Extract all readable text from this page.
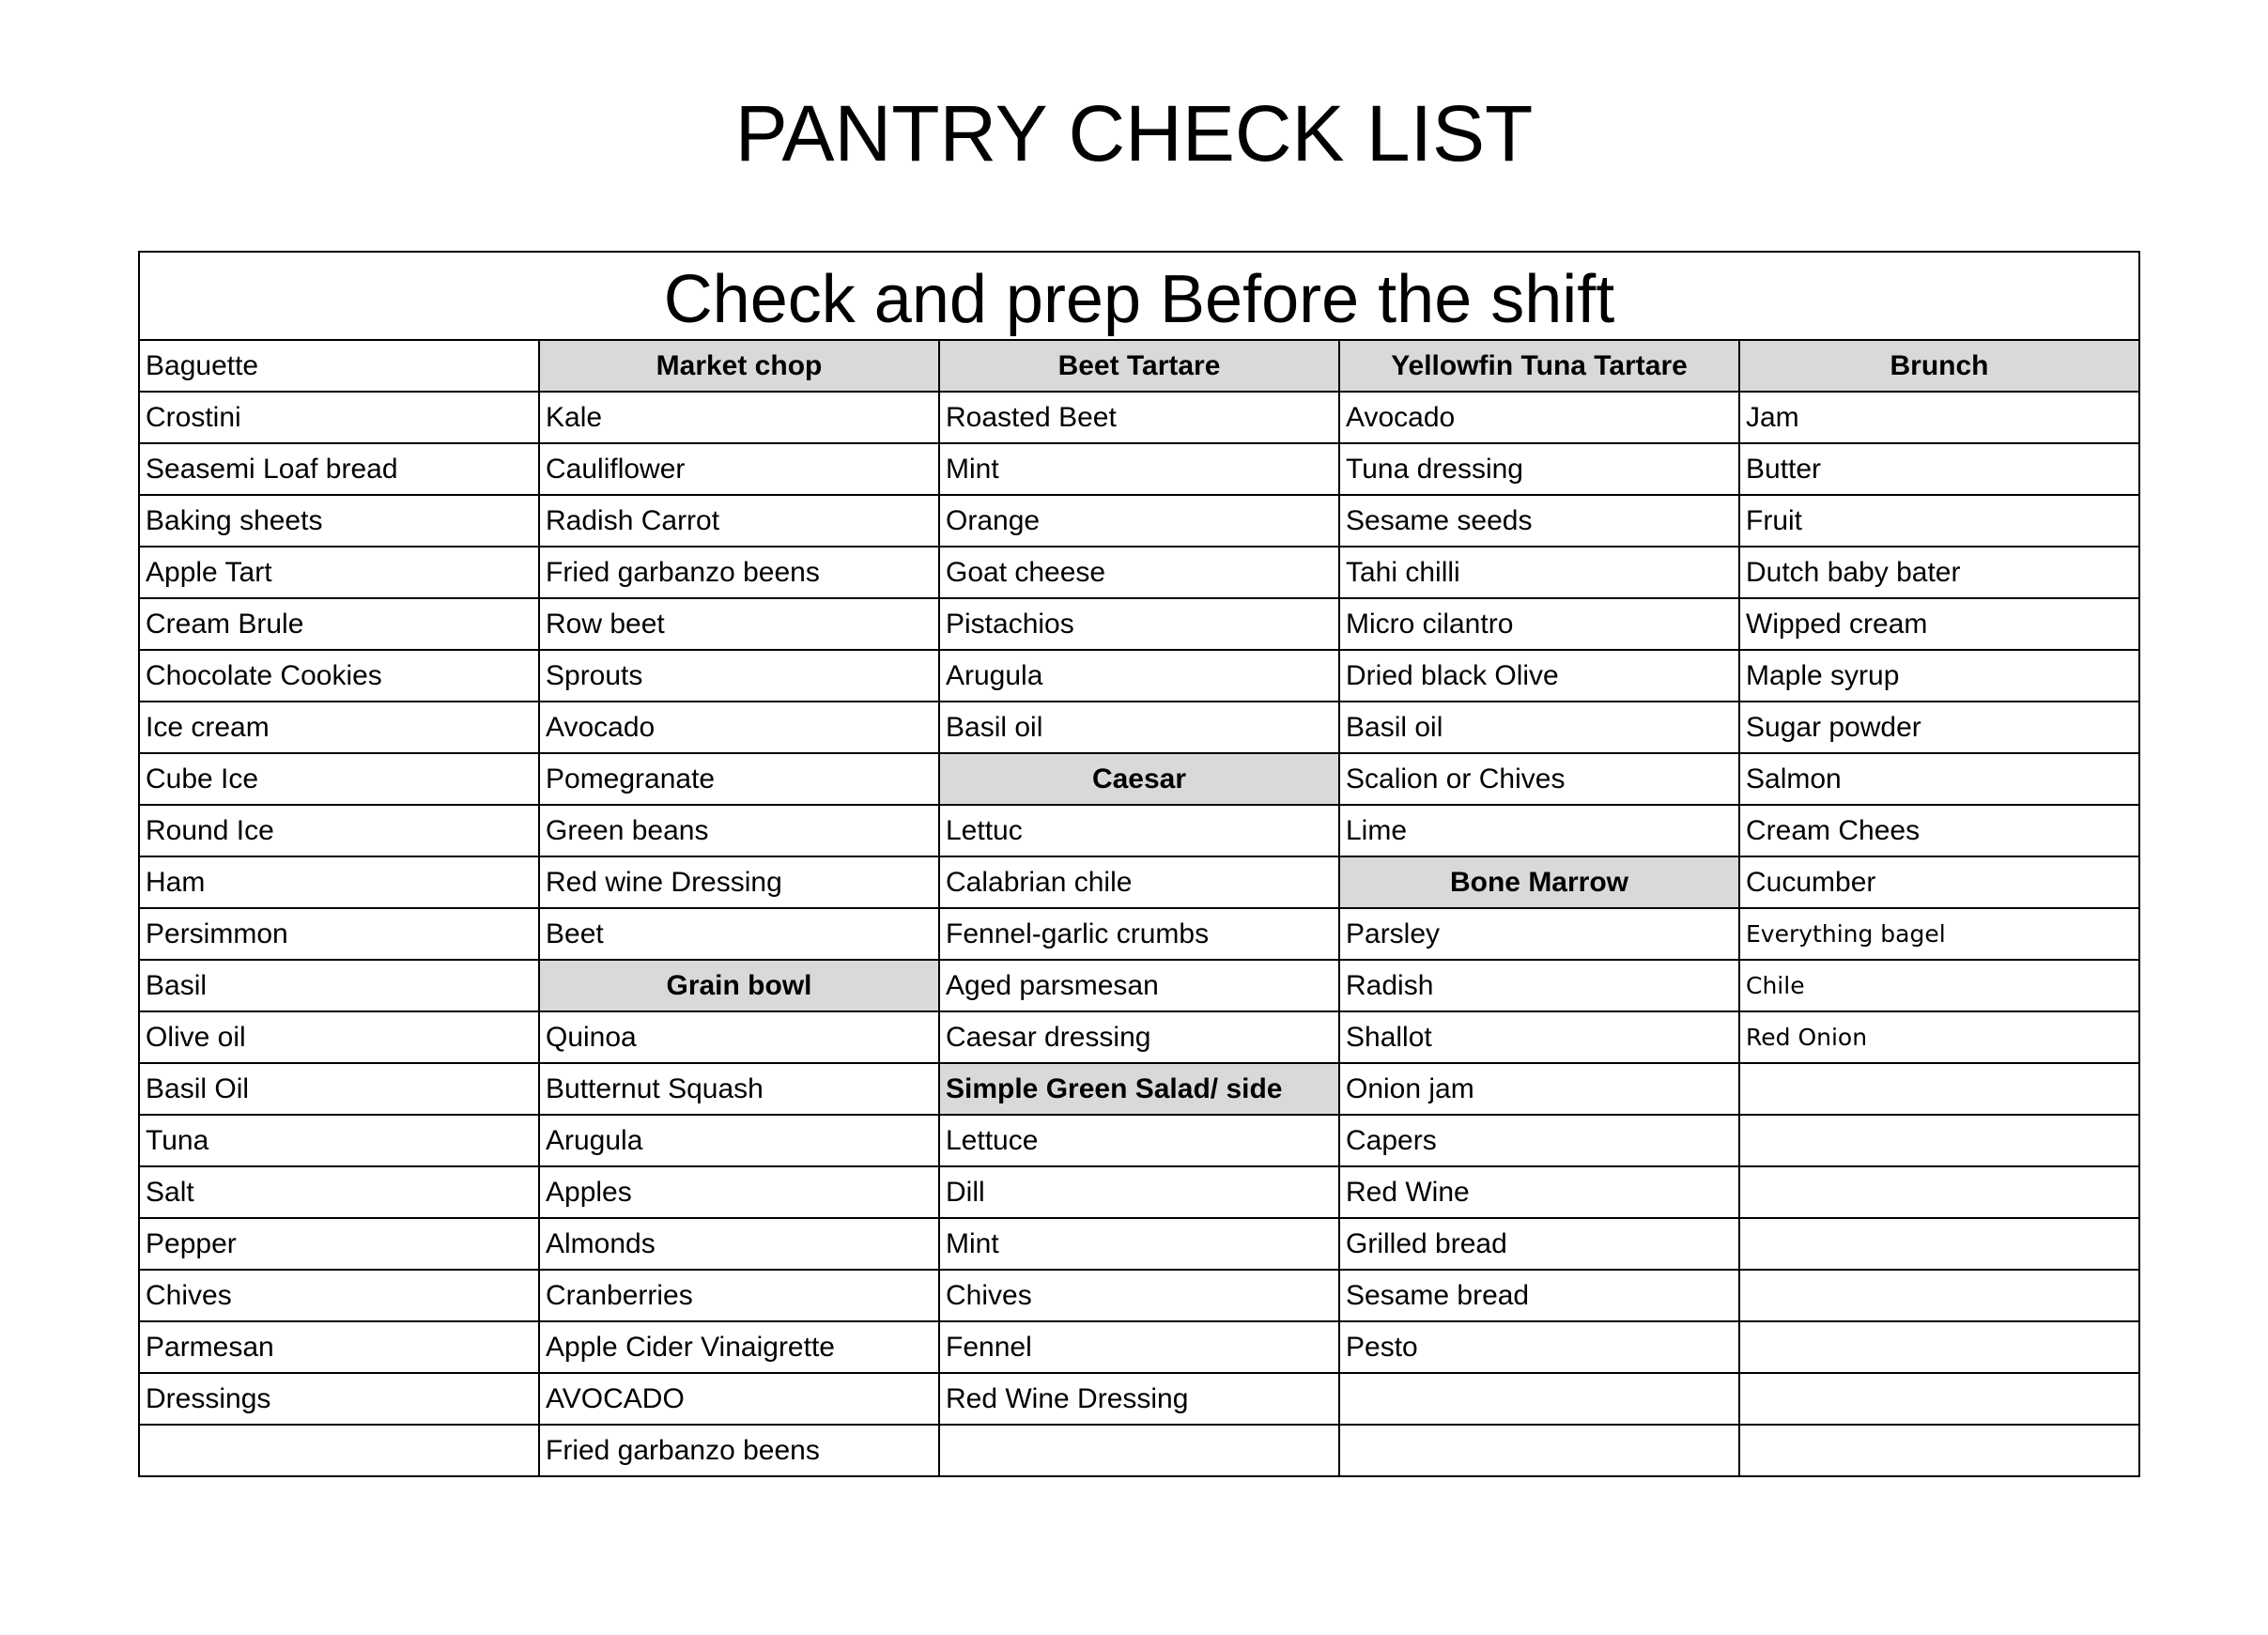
PANTRY CHECK LIST
Check and prep Before the shift				
Baguette	Market chop	Beet Tartare	Yellowfin Tuna Tartare	Brunch
Crostini	Kale	Roasted Beet	Avocado	Jam
Seasemi Loaf bread	Cauliflower	Mint	Tuna dressing	Butter
Baking sheets	Radish Carrot	Orange	Sesame seeds	Fruit
Apple Tart	Fried garbanzo beens	Goat cheese	Tahi chilli	Dutch baby bater
Cream Brule	Row beet	Pistachios	Micro cilantro	Wipped cream
Chocolate Cookies	Sprouts	Arugula	Dried black Olive	Maple syrup
Ice cream	Avocado	Basil oil	Basil oil	Sugar powder
Cube Ice	Pomegranate	Caesar	Scalion or Chives	Salmon
Round Ice	Green beans	Lettuc	Lime	Cream Chees
Ham	Red wine Dressing	Calabrian chile	Bone Marrow	Cucumber
Persimmon	Beet	Fennel-garlic crumbs	Parsley	Everything bagel
Basil	Grain bowl	Aged parsmesan	Radish	Chile
Olive oil	Quinoa	Caesar dressing	Shallot	Red Onion
Basil Oil	Butternut Squash	Simple Green Salad/ side	Onion jam	
Tuna	Arugula	Lettuce	Capers	
Salt	Apples	Dill	Red Wine	
Pepper	Almonds	Mint	Grilled bread	
Chives	Cranberries	Chives	Sesame bread	
Parmesan	Apple Cider Vinaigrette	Fennel	Pesto	
Dressings	AVOCADO	Red Wine Dressing		
	Fried garbanzo beens			
